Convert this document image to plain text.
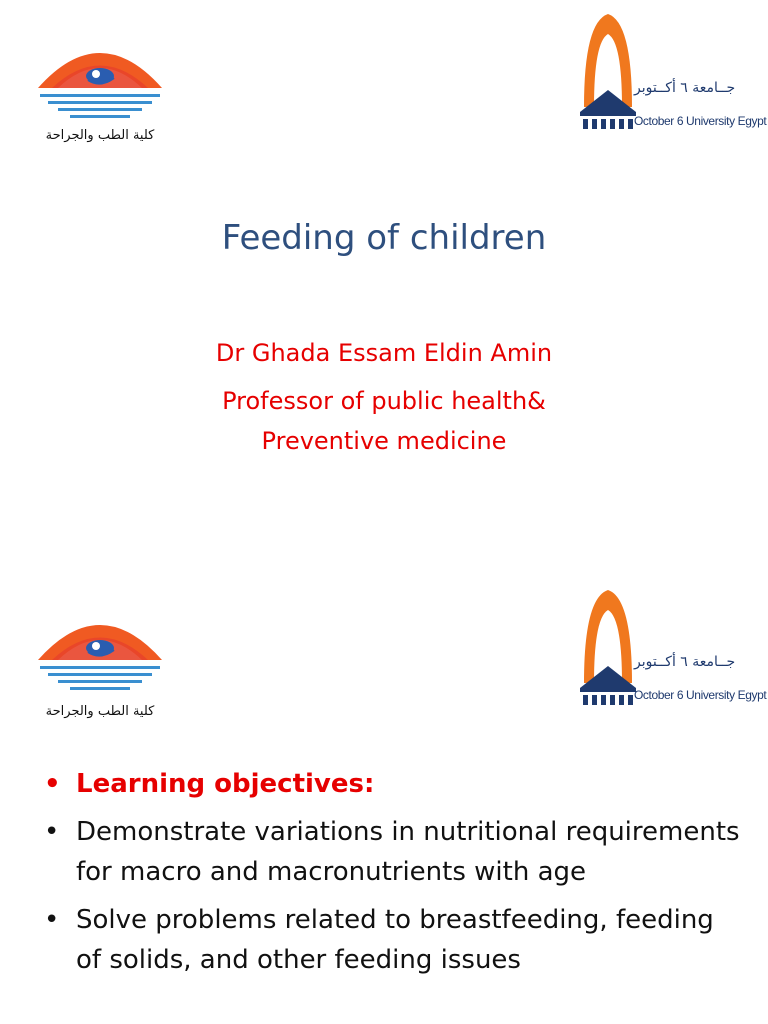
كلية الطب والجراحة
جــامعة ٦ أكــتوبر
October 6 University Egypt
Feeding of children
Dr Ghada Essam Eldin Amin
Professor of public health&
Preventive medicine
كلية الطب والجراحة
جــامعة ٦ أكــتوبر
October 6 University Egypt
• Learning objectives:
• Demonstrate variations in nutritional requirements for macro and macronutrients with age
• Solve problems related to breastfeeding, feeding of solids, and other feeding issues
